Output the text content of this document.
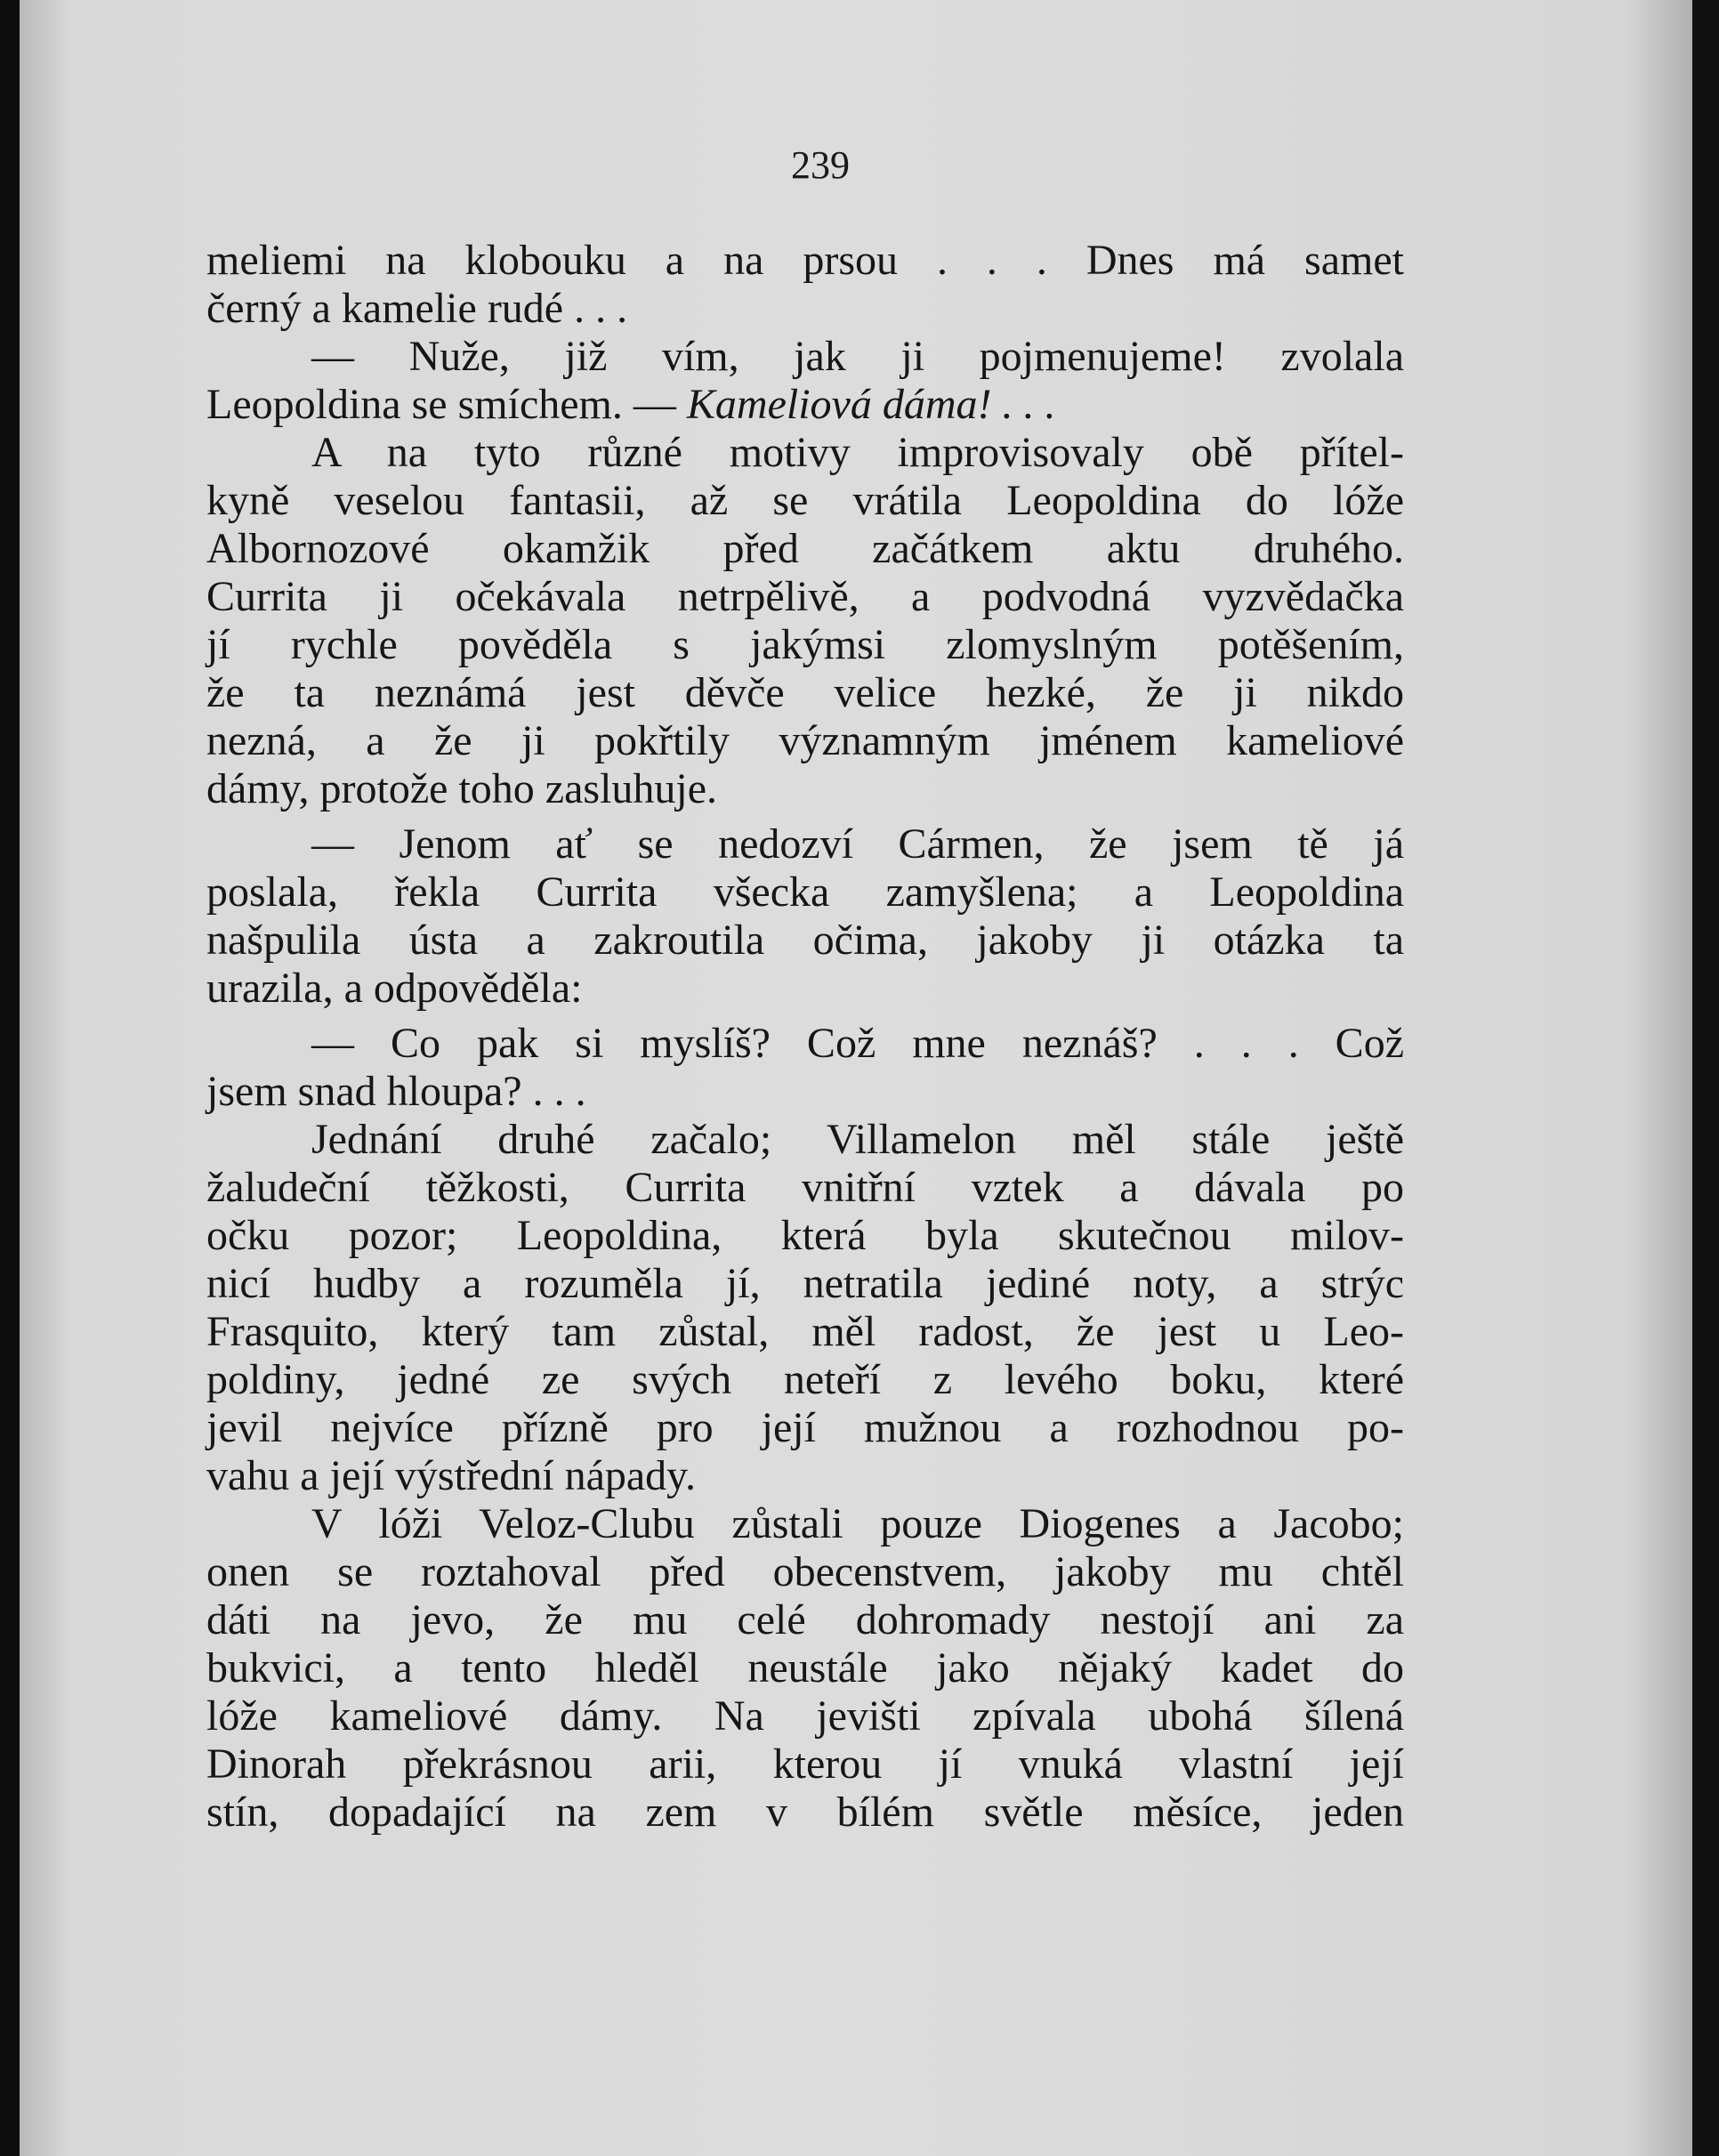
239
meliemi na klobouku a na prsou . . . Dnes má samet
černý a kamelie rudé . . .
— Nuže, již vím, jak ji pojmenujeme! zvolala
Leopoldina se smíchem. — Kameliová dáma! . . .
A na tyto různé motivy improvisovaly obě přítel-
kyně veselou fantasii, až se vrátila Leopoldina do lóže
Albornozové okamžik před začátkem aktu druhého.
Currita ji očekávala netrpělivě, a podvodná vyzvědačka
jí rychle pověděla s jakýmsi zlomyslným potěšením,
že ta neznámá jest děvče velice hezké, že ji nikdo
nezná, a že ji pokřtily významným jménem kameliové
dámy, protože toho zasluhuje.
— Jenom ať se nedozví Cármen, že jsem tě já
poslala, řekla Currita všecka zamyšlena; a Leopoldina
našpulila ústa a zakroutila očima, jakoby ji otázka ta
urazila, a odpověděla:
— Co pak si myslíš? Což mne neznáš? . . . Což
jsem snad hloupa? . . .
Jednání druhé začalo; Villamelon měl stále ještě
žaludeční těžkosti, Currita vnitřní vztek a dávala po
očku pozor; Leopoldina, která byla skutečnou milov-
nicí hudby a rozuměla jí, netratila jediné noty, a strýc
Frasquito, který tam zůstal, měl radost, že jest u Leo-
poldiny, jedné ze svých neteří z levého boku, které
jevil nejvíce přízně pro její mužnou a rozhodnou po-
vahu a její výstřední nápady.
V lóži Veloz-Clubu zůstali pouze Diogenes a Jacobo;
onen se roztahoval před obecenstvem, jakoby mu chtěl
dáti na jevo, že mu celé dohromady nestojí ani za
bukvici, a tento hleděl neustále jako nějaký kadet do
lóže kameliové dámy. Na jevišti zpívala ubohá šílená
Dinorah překrásnou arii, kterou jí vnuká vlastní její
stín, dopadající na zem v bílém světle měsíce, jeden
